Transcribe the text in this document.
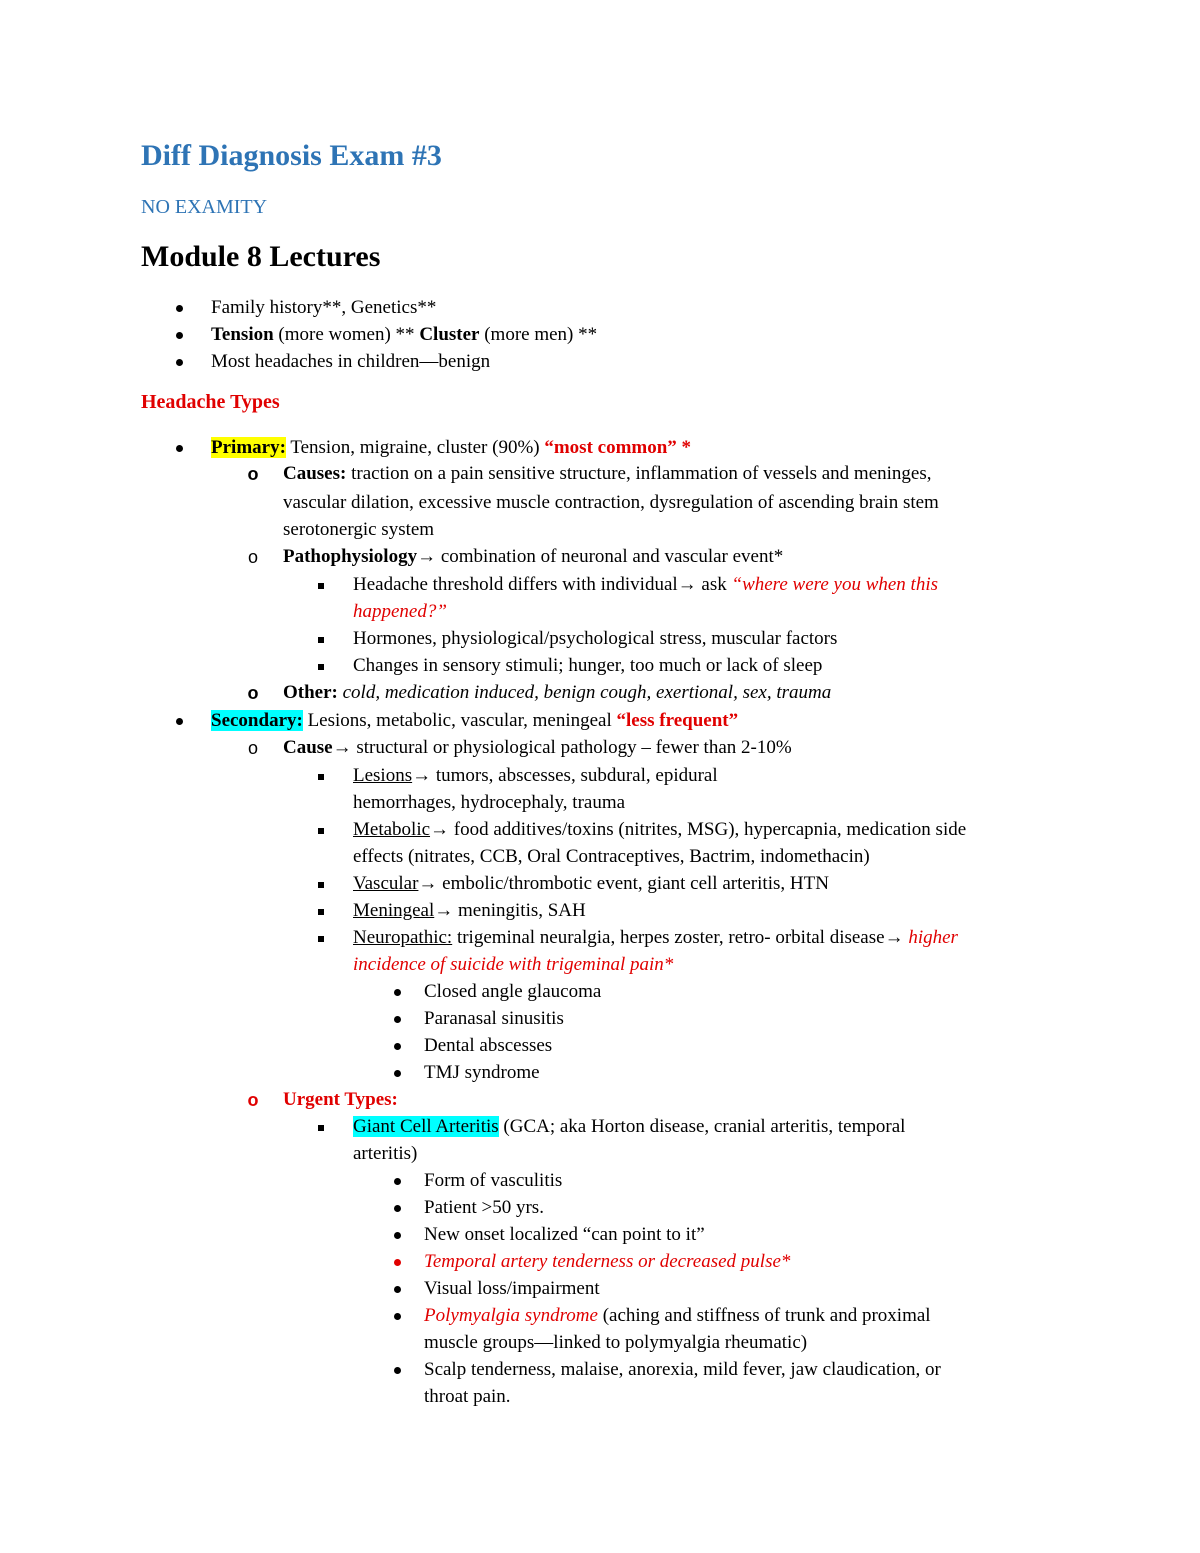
Diff Diagnosis Exam #3
NO EXAMITY
Module 8 Lectures
Family history**, Genetics**
Tension (more women) ** Cluster (more men) **
Most headaches in children—benign
Headache Types
Primary: Tension, migraine, cluster (90%) “most common” *
o Causes: traction on a pain sensitive structure, inflammation of vessels and meninges,
vascular dilation, excessive muscle contraction, dysregulation of ascending brain stem
serotonergic system
o Pathophysiology→ combination of neuronal and vascular event*
Headache threshold differs with individual→ ask “where were you when this
happened?”
Hormones, physiological/psychological stress, muscular factors
Changes in sensory stimuli; hunger, too much or lack of sleep
o Other: cold, medication induced, benign cough, exertional, sex, trauma
Secondary: Lesions, metabolic, vascular, meningeal “less frequent”
o Cause→ structural or physiological pathology – fewer than 2-10%
Lesions→ tumors, abscesses, subdural, epidural
hemorrhages, hydrocephaly, trauma
Metabolic→ food additives/toxins (nitrites, MSG), hypercapnia, medication side
effects (nitrates, CCB, Oral Contraceptives, Bactrim, indomethacin)
Vascular→ embolic/thrombotic event, giant cell arteritis, HTN
Meningeal→ meningitis, SAH
Neuropathic: trigeminal neuralgia, herpes zoster, retro- orbital disease→ higher
incidence of suicide with trigeminal pain*
Closed angle glaucoma
Paranasal sinusitis
Dental abscesses
TMJ syndrome
o Urgent Types:
Giant Cell Arteritis (GCA; aka Horton disease, cranial arteritis, temporal
arteritis)
Form of vasculitis
Patient >50 yrs.
New onset localized “can point to it”
Temporal artery tenderness or decreased pulse*
Visual loss/impairment
Polymyalgia syndrome (aching and stiffness of trunk and proximal
muscle groups—linked to polymyalgia rheumatic)
Scalp tenderness, malaise, anorexia, mild fever, jaw claudication, or
throat pain.
